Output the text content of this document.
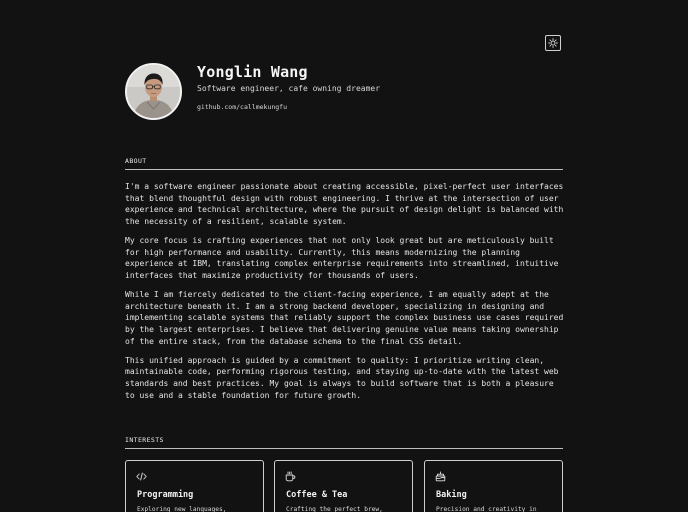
Yonglin Wang
Software engineer, cafe owning dreamer
github.com/callmekungfu
ABOUT

I'm a software engineer passionate about creating accessible, pixel-perfect user interfaces that blend thoughtful design with robust engineering. I thrive at the intersection of user experience and technical architecture, where the pursuit of design delight is balanced with the necessity of a resilient, scalable system.

My core focus is crafting experiences that not only look great but are meticulously built for high performance and usability. Currently, this means modernizing the planning experience at IBM, translating complex enterprise requirements into streamlined, intuitive interfaces that maximize productivity for thousands of users.

While I am fiercely dedicated to the client-facing experience, I am equally adept at the architecture beneath it. I am a strong backend developer, specializing in designing and implementing scalable systems that reliably support the complex business use cases required by the largest enterprises. I believe that delivering genuine value means taking ownership of the entire stack, from the database schema to the final CSS detail.

This unified approach is guided by a commitment to quality: I prioritize writing clean, maintainable code, performing rigorous testing, and staying up-to-date with the latest web standards and best practices. My goal is always to build software that is both a pleasure to use and a stable foundation for future growth.

INTERESTS
Programming
Exploring new languages,
Coffee & Tea
Crafting the perfect brew,
Baking
Precision and creativity in
